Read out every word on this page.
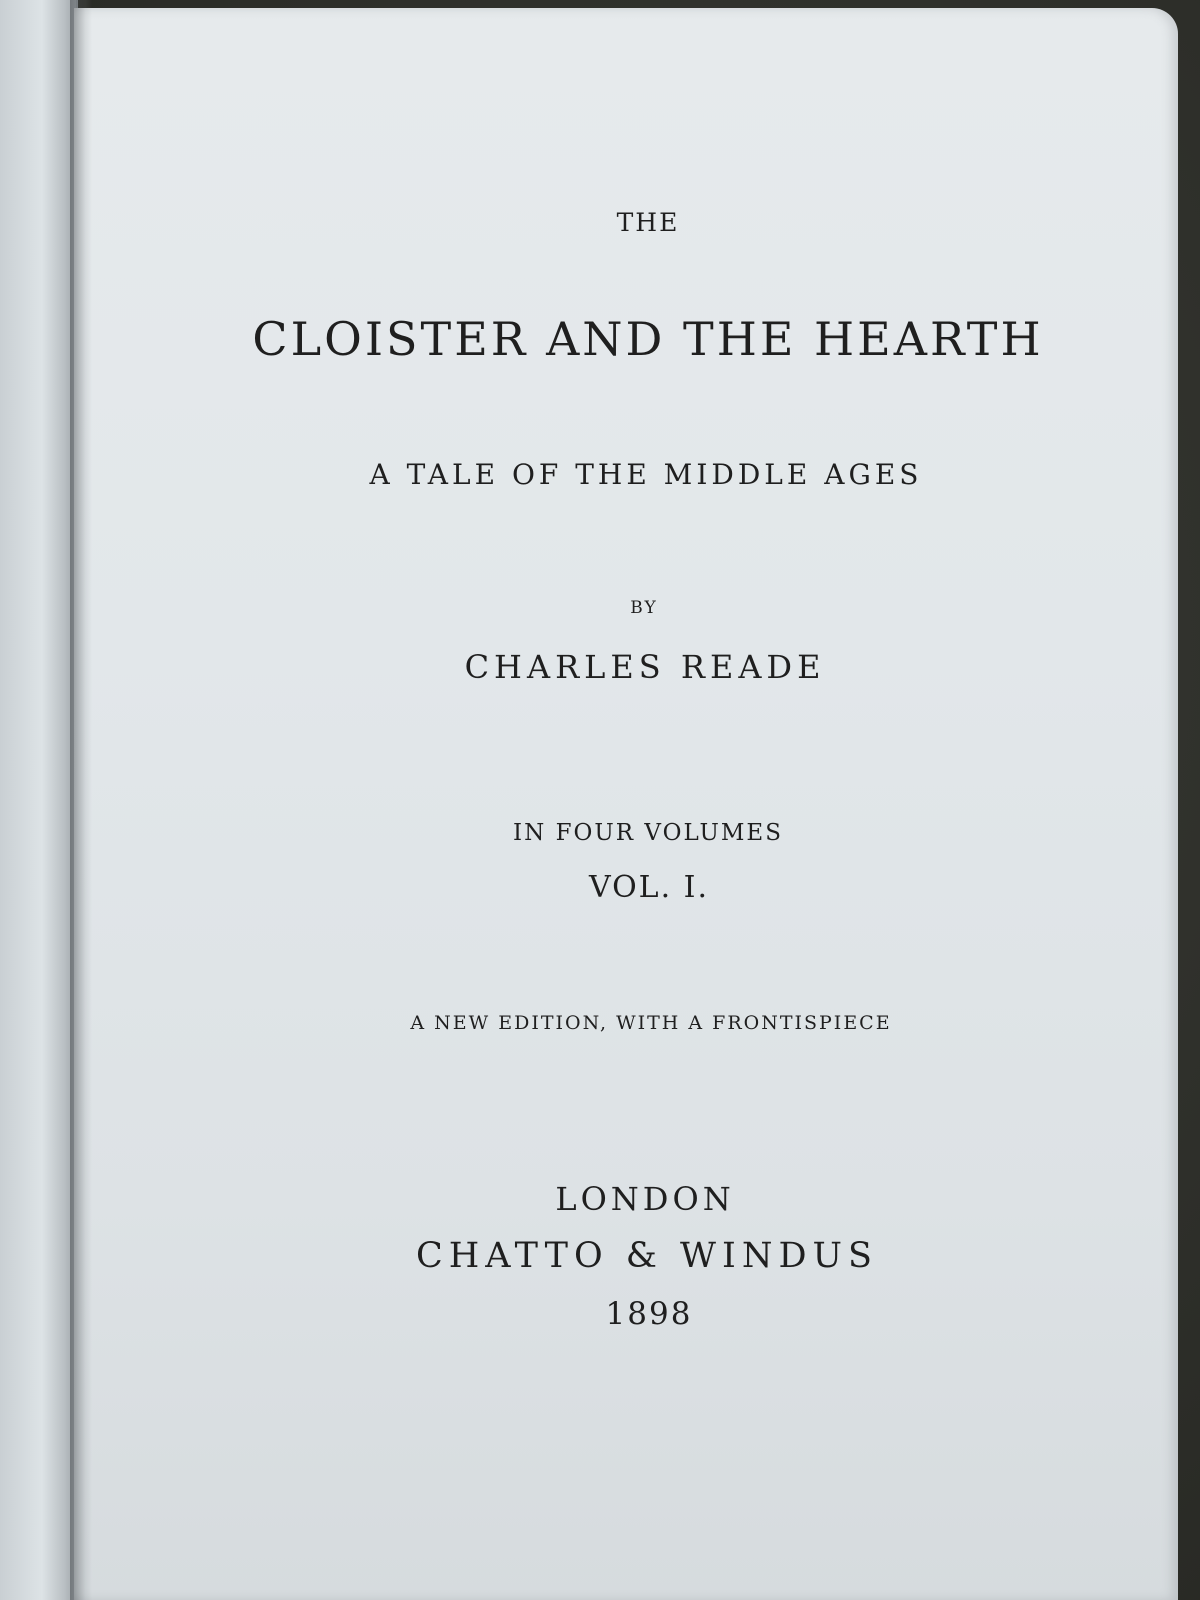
THE
CLOISTER AND THE HEARTH
A TALE OF THE MIDDLE AGES
BY
CHARLES READE
IN FOUR VOLUMES
VOL. I.
A NEW EDITION, WITH A FRONTISPIECE
LONDON
CHATTO & WINDUS
1898
